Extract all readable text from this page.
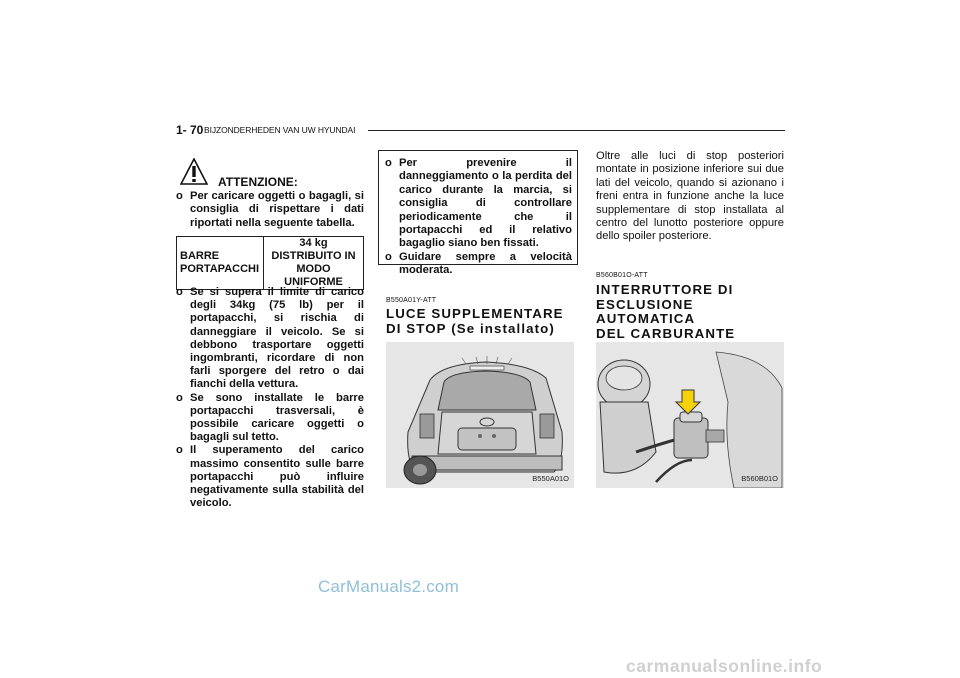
1- 70 BIJZONDERHEDEN VAN UW HYUNDAI
ATTENZIONE:

o Per caricare oggetti o bagagli, si consiglia di rispettare i dati riportati nella seguente tabella.

BARRE PORTAPACCHI	34 kg DISTRIBUITO IN MODO UNIFORME

o Se si supera il limite di carico degli 34kg (75 lb) per il portapacchi, si rischia di danneggiare il veicolo. Se si debbono trasportare oggetti ingombranti, ricordare di non farli sporgere del retro o dai fianchi della vettura.

o Se sono installate le barre portapacchi trasversali, è possibile caricare oggetti o bagagli sul tetto.

o Il superamento del carico massimo consentito sulle barre portapacchi può influire negativamente sulla stabilità del veicolo.

o Per prevenire il danneggiamento o la perdita del carico durante la marcia, si consiglia di controllare periodicamente che il portapacchi ed il relativo bagaglio siano ben fissati.

o Guidare sempre a velocità moderata.

B550A01Y-ATT
LUCE SUPPLEMENTARE DI STOP (Se installato)
B550A01O
Oltre alle luci di stop posteriori montate in posizione inferiore sui due lati del veicolo, quando si azionano i freni entra in funzione anche la luce supplementare di stop installata al centro del lunotto posteriore oppure dello spoiler posteriore.
B560B01O-ATT
INTERRUTTORE DI
ESCLUSIONE AUTOMATICA
DEL CARBURANTE
B560B01O
CarManuals2.com
carmanualsonline.info
